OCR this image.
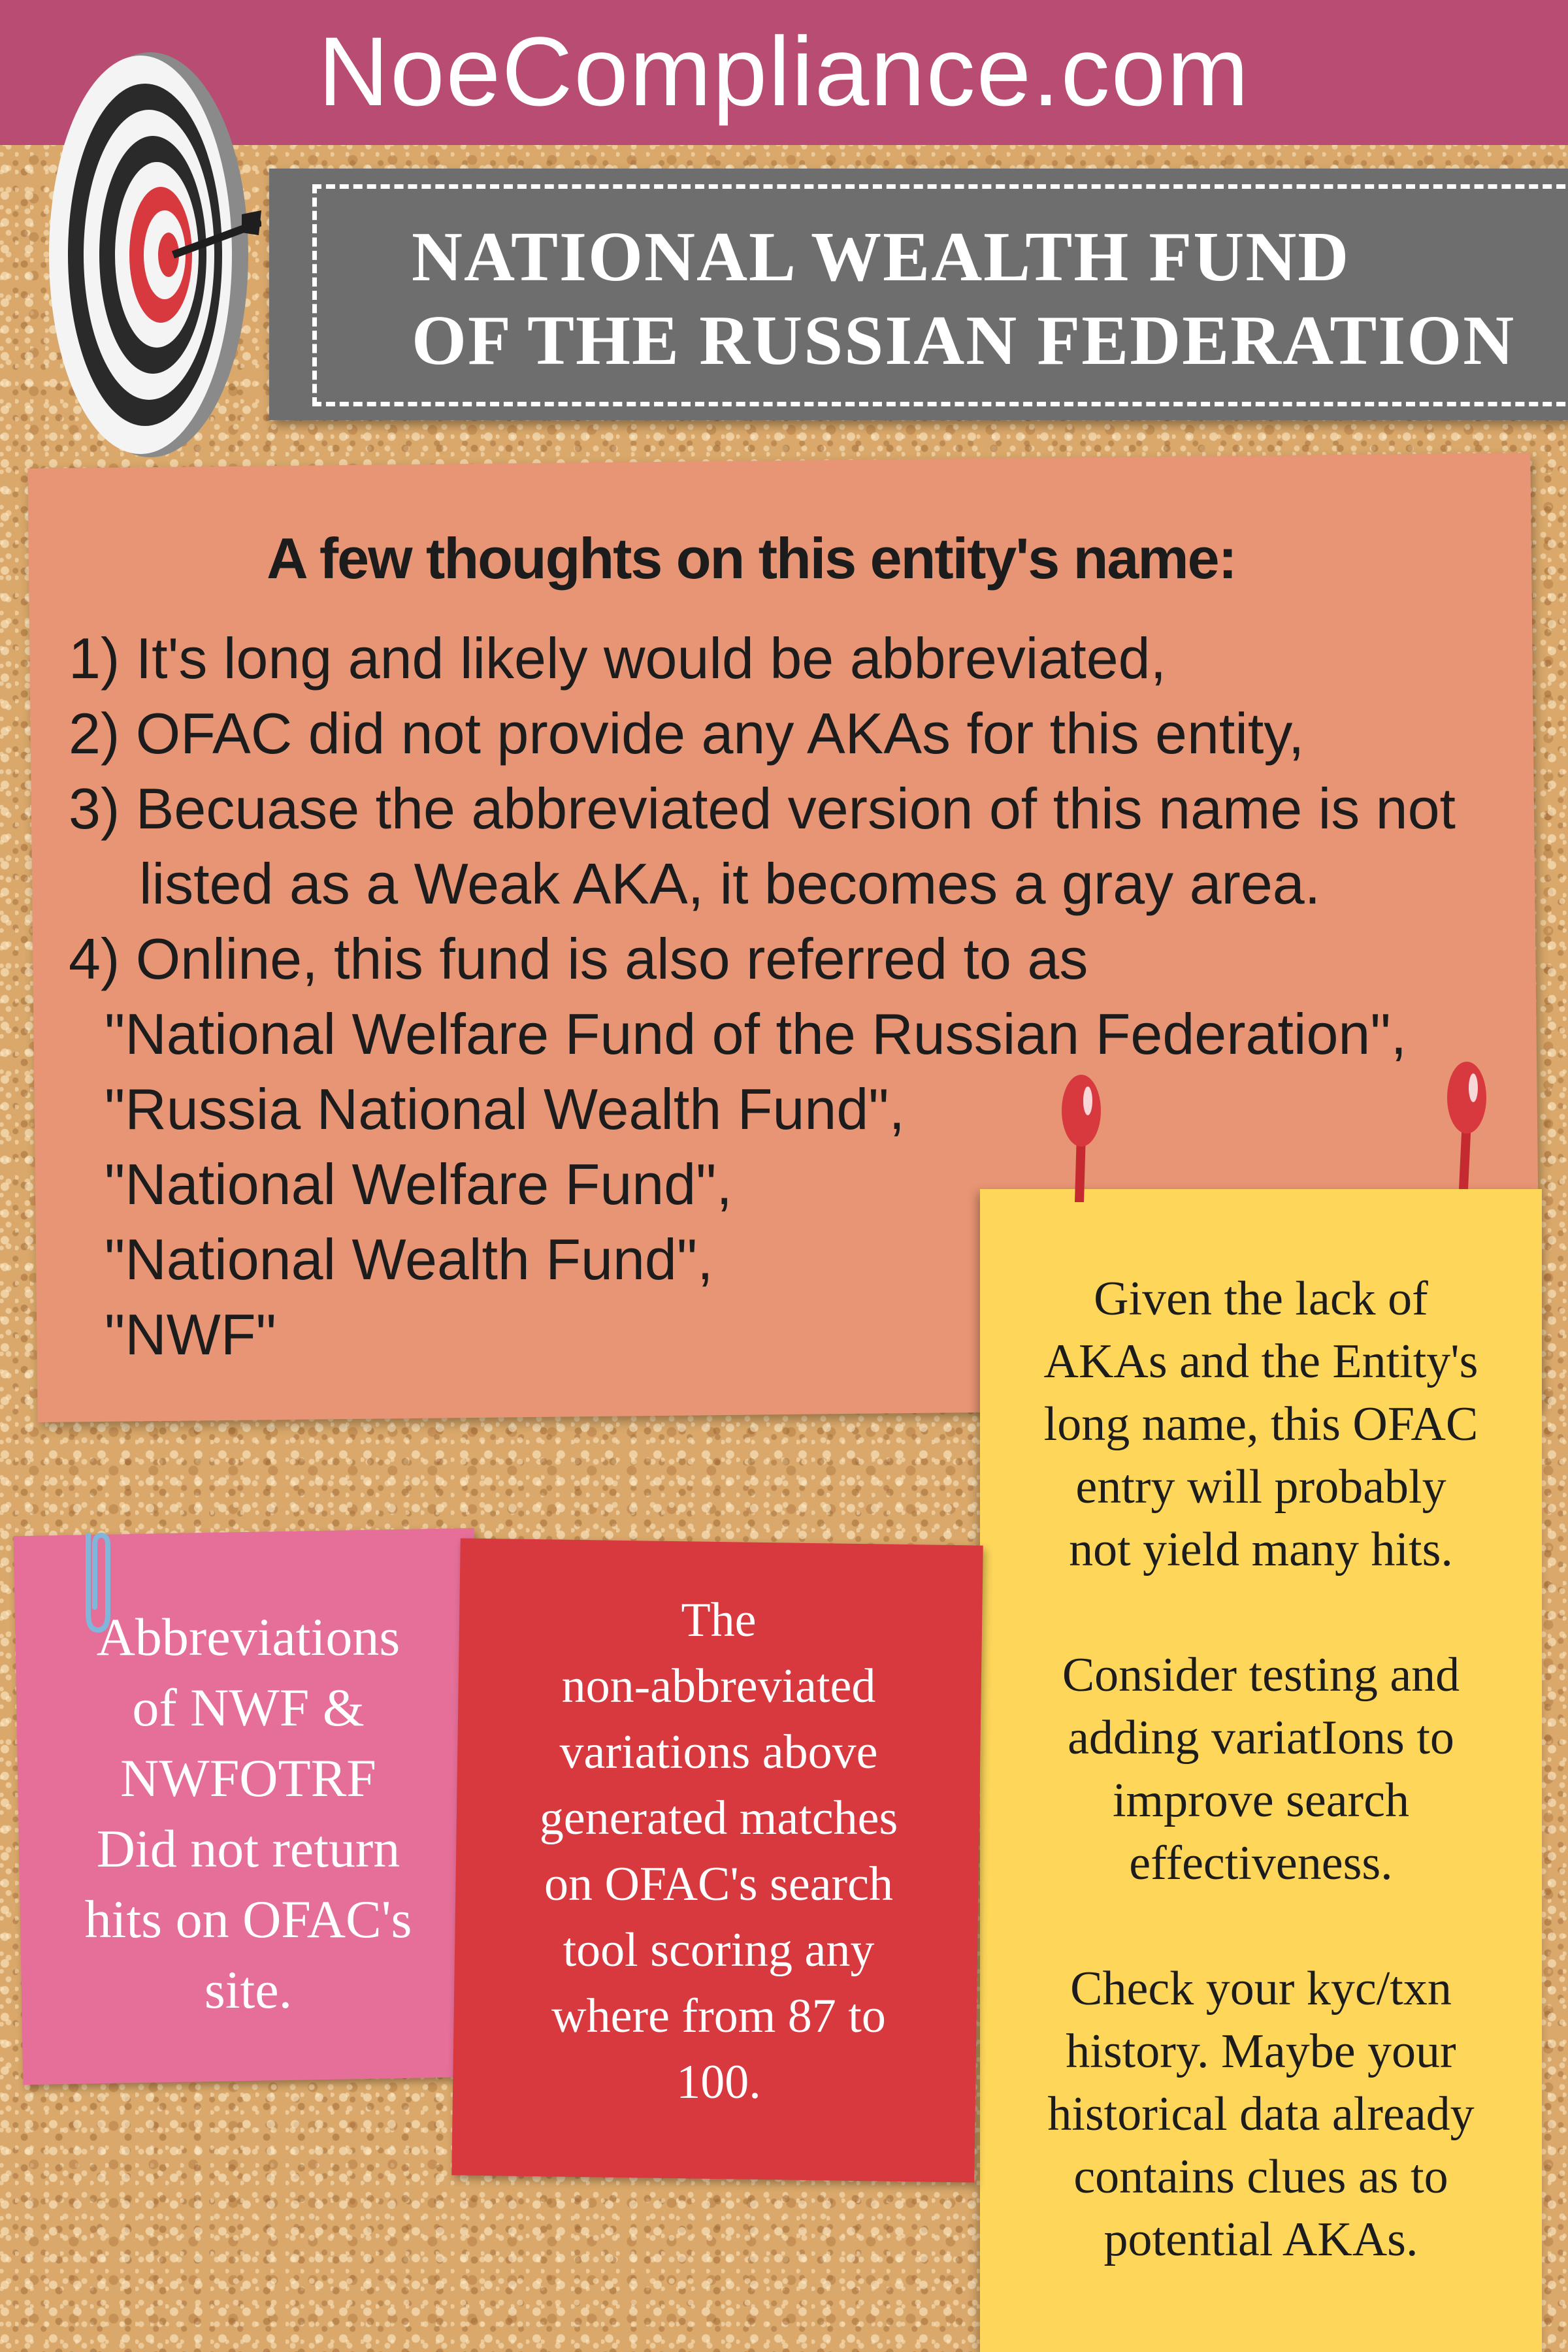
NoeCompliance.com
NATIONAL WEALTH FUND
OF THE RUSSIAN FEDERATION
A few thoughts on this entity's name:
1) It's long and likely would be abbreviated,
2) OFAC did not provide any AKAs for this entity,
3) Becuase the abbreviated version of this name is not
listed as a Weak AKA, it becomes a gray area.
4) Online, this fund is also referred to as
"National Welfare Fund of the Russian Federation",
"Russia National Wealth Fund",
"National Welfare Fund",
"National Wealth Fund",
"NWF"
Given the lack of
AKAs and the Entity's
long name, this OFAC
entry will probably
not yield many hits.
Consider testing and
adding variatIons to
improve search
effectiveness.
Check your kyc/txn
history. Maybe your
historical data already
contains clues as to
potential AKAs.
Abbreviations
of NWF &
NWFOTRF
Did not return
hits on OFAC's
site.
The
non-abbreviated
variations above
generated matches
on OFAC's search
tool scoring any
where from 87 to
100.
